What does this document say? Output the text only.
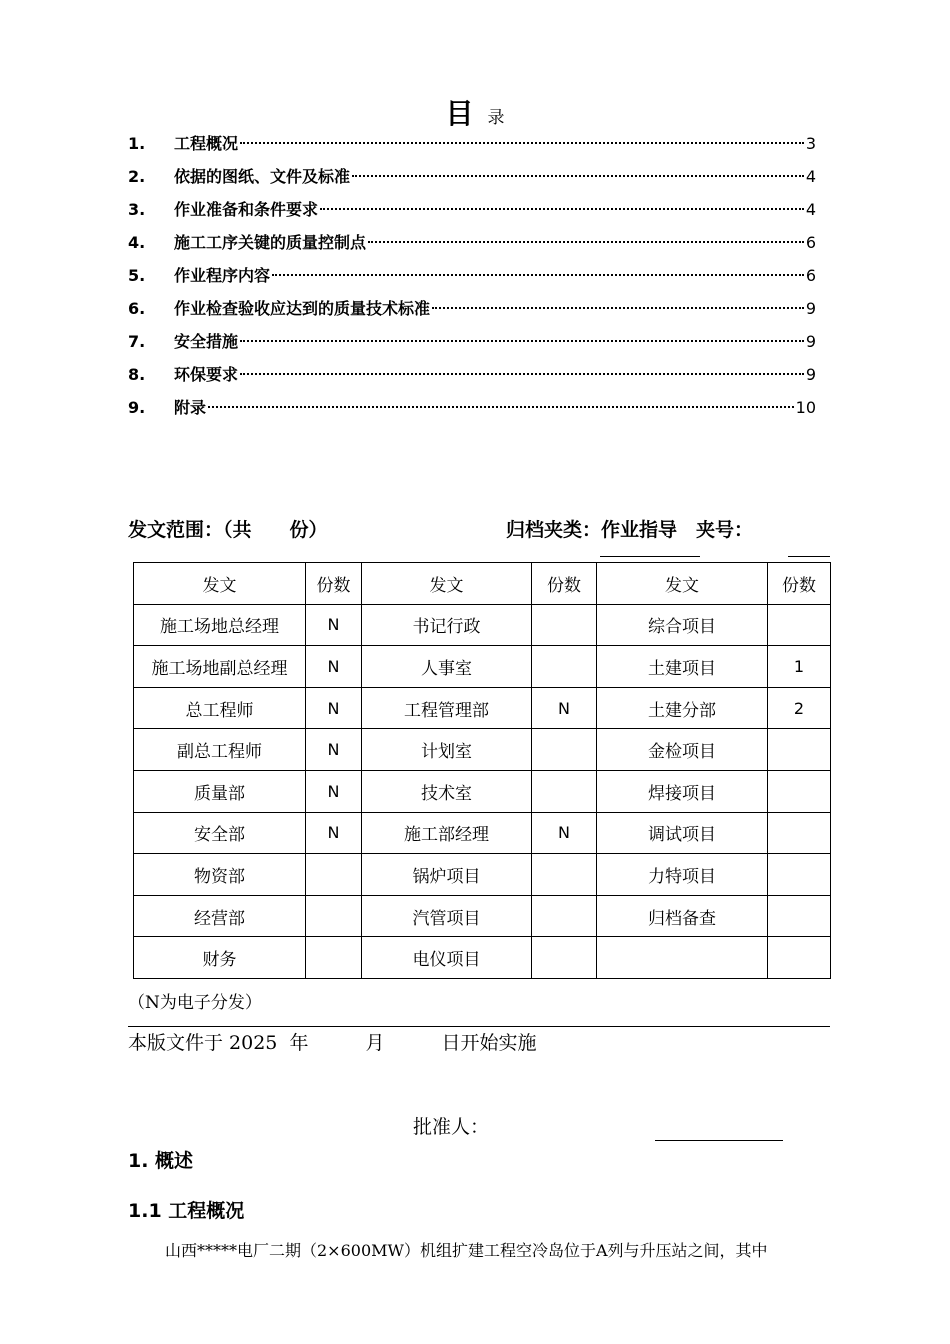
目录
1.	工程概况	3
2.	依据的图纸、文件及标准	4
3.	作业准备和条件要求	4
4.	施工工序关键的质量控制点	6
5.	作业程序内容	6
6.	作业检查验收应达到的质量技术标准	9
7.	安全措施	9
8.	环保要求	9
9.	附录	10
发文范围：（共　　份）	归档夹类：作业指导　夹号：
发文	份数	发文	份数	发文	份数
施工场地总经理	N	书记行政		综合项目	
施工场地副总经理	N	人事室		土建项目	1
总工程师	N	工程管理部	N	土建分部	2
副总工程师	N	计划室		金检项目	
质量部	N	技术室		焊接项目	
安全部	N	施工部经理	N	调试项目	
物资部		锅炉项目		力特项目	
经营部		汽管项目		归档备查	
财务		电仪项目			
（N为电子分发）
本版文件于 2025  年　　　月　　　日开始实施
批准人：
1. 概述
1.1 工程概况
山西*****电厂二期（2×600MW）机组扩建工程空冷岛位于A列与升压站之间，其中
